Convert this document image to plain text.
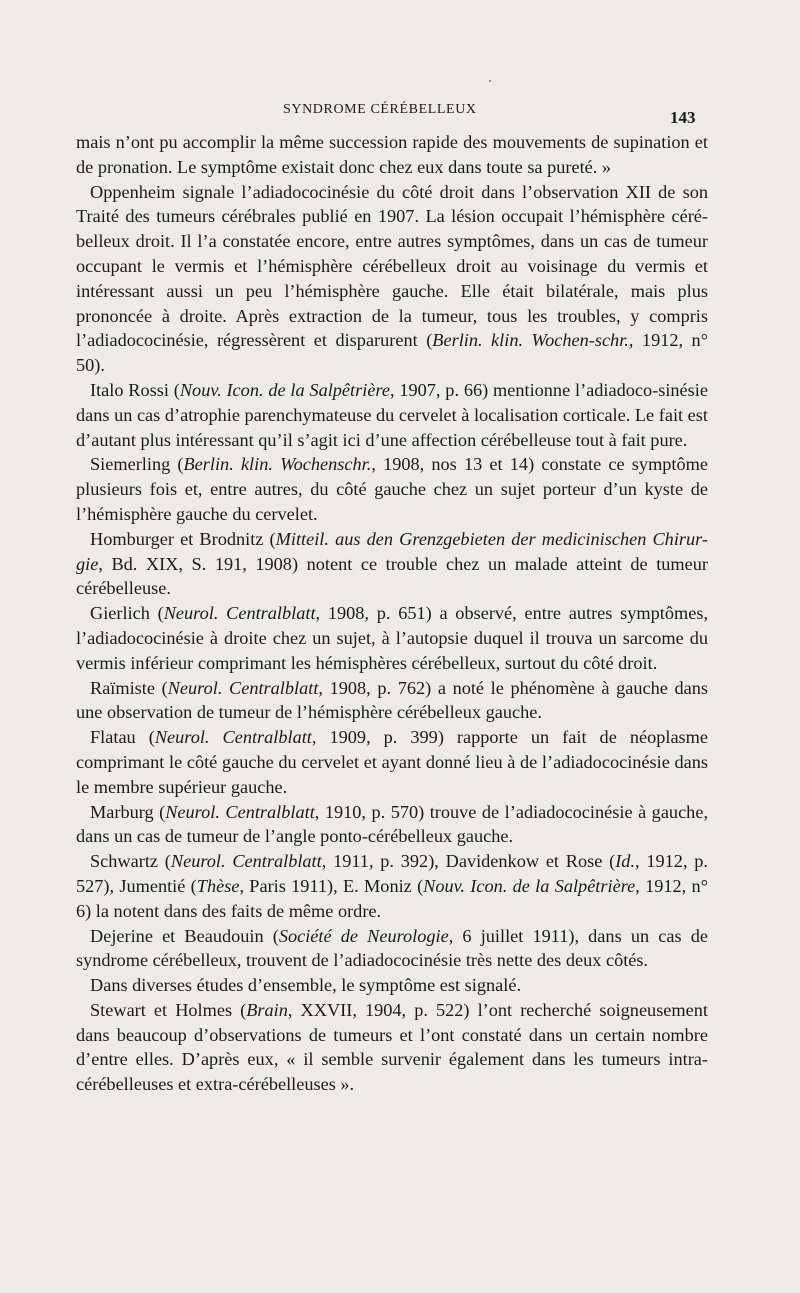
SYNDROME CÉRÉBELLEUX	143

mais n’ont pu accomplir la même succession rapide des mouvements de supination et de pronation. Le symptôme existait donc chez eux dans toute sa pureté. »

Oppenheim signale l’adiadococinésie du côté droit dans l’observation XII de son Traité des tumeurs cérébrales publié en 1907. La lésion occupait l’hémisphère céré-belleux droit. Il l’a constatée encore, entre autres symptômes, dans un cas de tumeur occupant le vermis et l’hémisphère cérébelleux droit au voisinage du vermis et intéressant aussi un peu l’hémisphère gauche. Elle était bilatérale, mais plus prononcée à droite. Après extraction de la tumeur, tous les troubles, y compris l’adiadococinésie, régressèrent et disparurent (Berlin. klin. Wochen-schr., 1912, n° 50).

Italo Rossi (Nouv. Icon. de la Salpêtrière, 1907, p. 66) mentionne l’adiadoco-sinésie dans un cas d’atrophie parenchymateuse du cervelet à localisation corticale. Le fait est d’autant plus intéressant qu’il s’agit ici d’une affection cérébelleuse tout à fait pure.

Siemerling (Berlin. klin. Wochenschr., 1908, nos 13 et 14) constate ce symptôme plusieurs fois et, entre autres, du côté gauche chez un sujet porteur d’un kyste de l’hémisphère gauche du cervelet.

Homburger et Brodnitz (Mitteil. aus den Grenzgebieten der medicinischen Chirur-gie, Bd. XIX, S. 191, 1908) notent ce trouble chez un malade atteint de tumeur cérébelleuse.

Gierlich (Neurol. Centralblatt, 1908, p. 651) a observé, entre autres symptômes, l’adiadococinésie à droite chez un sujet, à l’autopsie duquel il trouva un sarcome du vermis inférieur comprimant les hémisphères cérébelleux, surtout du côté droit.

Raïmiste (Neurol. Centralblatt, 1908, p. 762) a noté le phénomène à gauche dans une observation de tumeur de l’hémisphère cérébelleux gauche.

Flatau (Neurol. Centralblatt, 1909, p. 399) rapporte un fait de néoplasme comprimant le côté gauche du cervelet et ayant donné lieu à de l’adiadococinésie dans le membre supérieur gauche.

Marburg (Neurol. Centralblatt, 1910, p. 570) trouve de l’adiadococinésie à gauche, dans un cas de tumeur de l’angle ponto-cérébelleux gauche.

Schwartz (Neurol. Centralblatt, 1911, p. 392), Davidenkow et Rose (Id., 1912, p. 527), Jumentié (Thèse, Paris 1911), E. Moniz (Nouv. Icon. de la Salpêtrière, 1912, n° 6) la notent dans des faits de même ordre.

Dejerine et Beaudouin (Société de Neurologie, 6 juillet 1911), dans un cas de syndrome cérébelleux, trouvent de l’adiadococinésie très nette des deux côtés.

Dans diverses études d’ensemble, le symptôme est signalé.

Stewart et Holmes (Brain, XXVII, 1904, p. 522) l’ont recherché soigneusement dans beaucoup d’observations de tumeurs et l’ont constaté dans un certain nombre d’entre elles. D’après eux, « il semble survenir également dans les tumeurs intra-cérébelleuses et extra-cérébelleuses ».
